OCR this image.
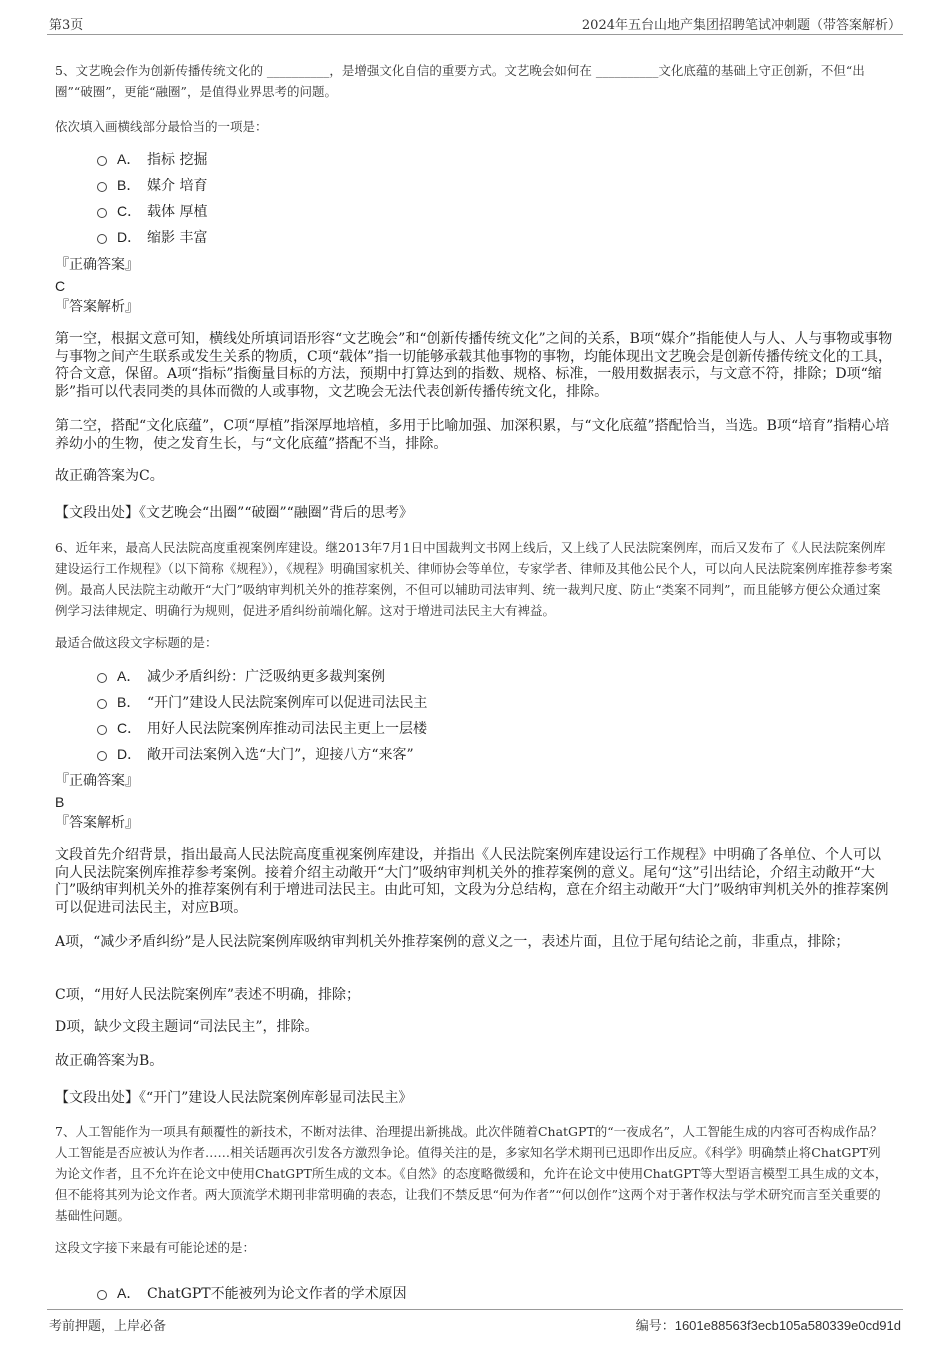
第3页	2024年五台山地产集团招聘笔试冲刺题（带答案解析）

5、文艺晚会作为创新传播传统文化的 __________，是增强文化自信的重要方式。文艺晚会如何在 __________文化底蕴的基础上守正创新，不但“出圈”“破圈”，更能“融圈”，是值得业界思考的问题。

依次填入画横线部分最恰当的一项是：

A． 指标 挖掘
B． 媒介 培育
C． 载体 厚植
D． 缩影 丰富

『正确答案』

C

『答案解析』

第一空，根据文意可知，横线处所填词语形容“文艺晚会”和“创新传播传统文化”之间的关系，B项“媒介”指能使人与人、人与事物或事物与事物之间产生联系或发生关系的物质，C项“载体”指一切能够承载其他事物的事物，均能体现出文艺晚会是创新传播传统文化的工具，符合文意，保留。A项“指标”指衡量目标的方法，预期中打算达到的指数、规格、标准，一般用数据表示，与文意不符，排除；D项“缩影”指可以代表同类的具体而微的人或事物，文艺晚会无法代表创新传播传统文化，排除。

第二空，搭配“文化底蕴”，C项“厚植”指深厚地培植，多用于比喻加强、加深积累，与“文化底蕴”搭配恰当，当选。B项“培育”指精心培养幼小的生物，使之发育生长，与“文化底蕴”搭配不当，排除。

故正确答案为C。

【文段出处】《文艺晚会“出圈”“破圈”“融圈”背后的思考》

6、近年来，最高人民法院高度重视案例库建设。继2013年7月1日中国裁判文书网上线后，又上线了人民法院案例库，而后又发布了《人民法院案例库建设运行工作规程》（以下简称《规程》），《规程》明确国家机关、律师协会等单位，专家学者、律师及其他公民个人，可以向人民法院案例库推荐参考案例。最高人民法院主动敞开“大门”吸纳审判机关外的推荐案例，不但可以辅助司法审判、统一裁判尺度、防止“类案不同判”，而且能够方便公众通过案例学习法律规定、明确行为规则，促进矛盾纠纷前端化解。这对于增进司法民主大有裨益。

最适合做这段文字标题的是：

A． 减少矛盾纠纷：广泛吸纳更多裁判案例
B． “开门”建设人民法院案例库可以促进司法民主
C． 用好人民法院案例库推动司法民主更上一层楼
D． 敞开司法案例入选“大门”，迎接八方“来客”

『正确答案』

B

『答案解析』

文段首先介绍背景，指出最高人民法院高度重视案例库建设，并指出《人民法院案例库建设运行工作规程》中明确了各单位、个人可以向人民法院案例库推荐参考案例。接着介绍主动敞开“大门”吸纳审判机关外的推荐案例的意义。尾句“这”引出结论，介绍主动敞开“大门”吸纳审判机关外的推荐案例有利于增进司法民主。由此可知，文段为分总结构，意在介绍主动敞开“大门”吸纳审判机关外的推荐案例可以促进司法民主，对应B项。

A项，“减少矛盾纠纷”是人民法院案例库吸纳审判机关外推荐案例的意义之一，表述片面，且位于尾句结论之前，非重点，排除；

C项，“用好人民法院案例库”表述不明确，排除；

D项，缺少文段主题词“司法民主”，排除。

故正确答案为B。

【文段出处】《“开门”建设人民法院案例库彰显司法民主》

7、人工智能作为一项具有颠覆性的新技术，不断对法律、治理提出新挑战。此次伴随着ChatGPT的“一夜成名”，人工智能生成的内容可否构成作品？人工智能是否应被认为作者……相关话题再次引发各方激烈争论。值得关注的是，多家知名学术期刊已迅即作出反应。《科学》明确禁止将ChatGPT列为论文作者，且不允许在论文中使用ChatGPT所生成的文本。《自然》的态度略微缓和，允许在论文中使用ChatGPT等大型语言模型工具生成的文本，但不能将其列为论文作者。两大顶流学术期刊非常明确的表态，让我们不禁反思“何为作者”“何以创作”这两个对于著作权法与学术研究而言至关重要的基础性问题。

这段文字接下来最有可能论述的是：

A． ChatGPT不能被列为论文作者的学术原因
考前押题，上岸必备	编号：1601e88563f3ecb105a580339e0cd91d
